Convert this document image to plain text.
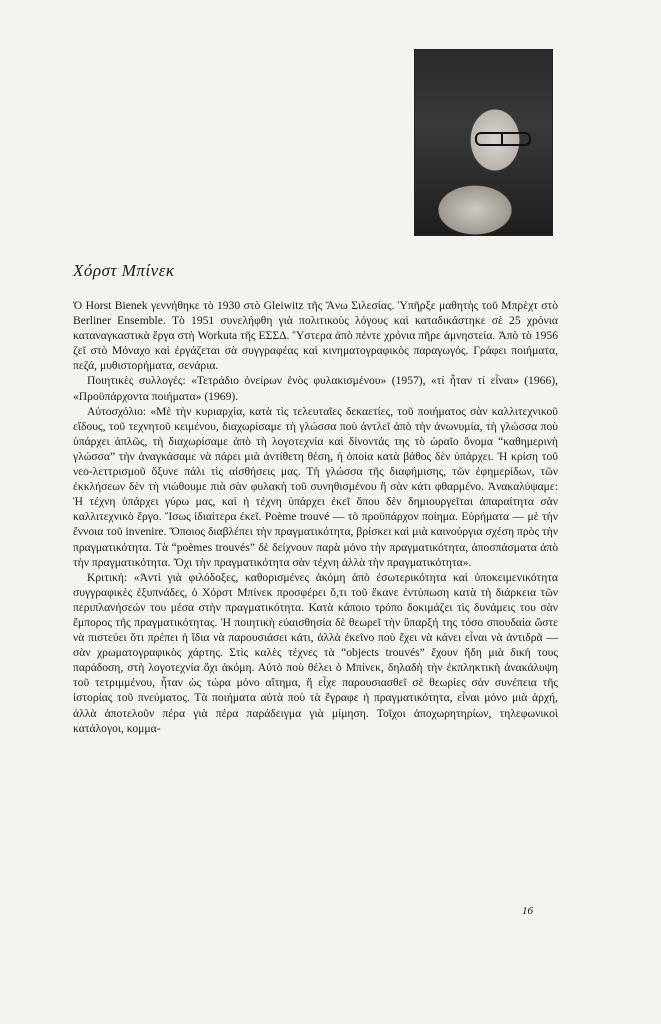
Χόρστ Μπίνεκ

Ὁ Horst Bienek γεννήθηκε τὸ 1930 στὸ Gleiwitz τῆς Ἄνω Σιλεσίας. Ὑπῆρξε μαθητὴς τοῦ Μπρὲχτ στὸ Berliner Ensemble. Τὸ 1951 συνελήφθη γιὰ πολιτικοὺς λόγους καὶ καταδικάστηκε σὲ 25 χρόνια καταναγκαστικὰ ἔργα στὴ Workuta τῆς ΕΣΣΔ. Ὕστερα ἀπὸ πέντε χρόνια πῆρε ἀμνηστεία. Ἀπὸ τὸ 1956 ζεῖ στὸ Μόναχο καὶ ἐργάζεται σὰ συγγραφέας καὶ κινηματογραφικὸς παραγωγός. Γράφει ποιήματα, πεζά, μυθιστορήματα, σενάρια.

Ποιητικὲς συλλογές: «Τετράδιο ὀνείρων ἑνὸς φυλακισμένου» (1957), «τί ἦταν τί εἶναι» (1966), «Προϋπάρχοντα ποιήματα» (1969).

Αὐτοσχόλιο: «Μὲ τὴν κυριαρχία, κατὰ τὶς τελευταῖες δεκαετίες, τοῦ ποιήματος σὰν καλλιτεχνικοῦ εἴδους, τοῦ τεχνητοῦ κειμένου, διαχωρίσαμε τὴ γλώσσα ποὺ ἀντλεῖ ἀπὸ τὴν ἀνωνυμία, τὴ γλώσσα ποὺ ὑπάρχει ἁπλῶς, τὴ διαχωρίσαμε ἀπὸ τὴ λογοτεχνία καὶ δίνοντάς της τὸ ὡραῖο ὄνομα “καθημερινὴ γλώσσα” τὴν ἀναγκάσαμε νὰ πάρει μιὰ ἀντίθετη θέση, ἡ ὁποία κατὰ βάθος δὲν ὑπάρχει. Ἡ κρίση τοῦ νεο-λεττρισμοῦ ὄξυνε πάλι τὶς αἰσθήσεις μας. Τὴ γλώσσα τῆς διαφήμισης, τῶν ἐφημερίδων, τῶν ἐκκλήσεων δὲν τὴ νιώθουμε πιὰ σὰν φυλακὴ τοῦ συνηθισμένου ἢ σὰν κάτι φθαρμένο. Ἀνακαλύψαμε: Ἡ τέχνη ὑπάρχει γύρω μας, καὶ ἡ τέχνη ὑπάρχει ἐκεῖ ὅπου δὲν δημιουργεῖται ἀπαραίτητα σὰν καλλιτεχνικὸ ἔργο. Ἴσως ἰδιαίτερα ἐκεῖ. Poème trouvé — τὸ προϋπάρχον ποίημα. Εὑρήματα — μὲ τὴν ἔννοια τοῦ invenire. Ὅποιος διαβλέπει τὴν πραγματικότητα, βρίσκει καὶ μιὰ καινούργια σχέση πρὸς τὴν πραγματικότητα. Τὰ “poèmes trouvés” δὲ δείχνουν παρὰ μόνο τὴν πραγματικότητα, ἀποσπάσματα ἀπὸ τὴν πραγματικότητα. Ὄχι τὴν πραγματικότητα σὰν τέχνη ἀλλὰ τὴν πραγματικότητα».

Κριτική: «Ἀντὶ γιὰ φιλόδοξες, καθορισμένες ἀκόμη ἀπὸ ἐσωτερικότητα καὶ ὑποκειμενικότητα συγγραφικὲς ἐξυπνάδες, ὁ Χόρστ Μπίνεκ προσφέρει ὅ,τι τοῦ ἔκανε ἐντύπωση κατὰ τὴ διάρκεια τῶν περιπλανήσεών του μέσα στὴν πραγματικότητα. Κατὰ κάποιο τρόπο δοκιμάζει τὶς δυνάμεις του σὰν ἔμπορος τῆς πραγματικότητας. Ἡ ποιητικὴ εὐαισθησία δὲ θεωρεῖ τὴν ὕπαρξή της τόσο σπουδαία ὥστε νὰ πιστεύει ὅτι πρέπει ἡ ἴδια νὰ παρουσιάσει κάτι, ἀλλὰ ἐκεῖνο ποὺ ἔχει νὰ κάνει εἶναι νὰ ἀντιδρᾶ — σὰν χρωματογραφικὸς χάρτης. Στὶς καλὲς τέχνες τὰ “objects trouvés” ἔχουν ἤδη μιὰ δική τους παράδοση, στὴ λογοτεχνία ὄχι ἀκόμη. Αὐτὸ ποὺ θέλει ὁ Μπίνεκ, δηλαδὴ τὴν ἐκπληκτικὴ ἀνακάλυψη τοῦ τετριμμένου, ἦταν ὡς τώρα μόνο αἴτημα, ἤ εἶχε παρουσιασθεῖ σὲ θεωρίες σὰν συνέπεια τῆς ἱστορίας τοῦ πνεύματος. Τὰ ποιήματα αὐτὰ ποὺ τὰ ἔγραφε ἡ πραγματικότητα, εἶναι μόνο μιὰ ἀρχή, ἀλλὰ ἀποτελοῦν πέρα γιὰ πέρα παράδειγμα γιὰ μίμηση. Τοῖχοι ἀποχωρητηρίων, τηλεφωνικοὶ κατάλογοι, κομμα-

16
